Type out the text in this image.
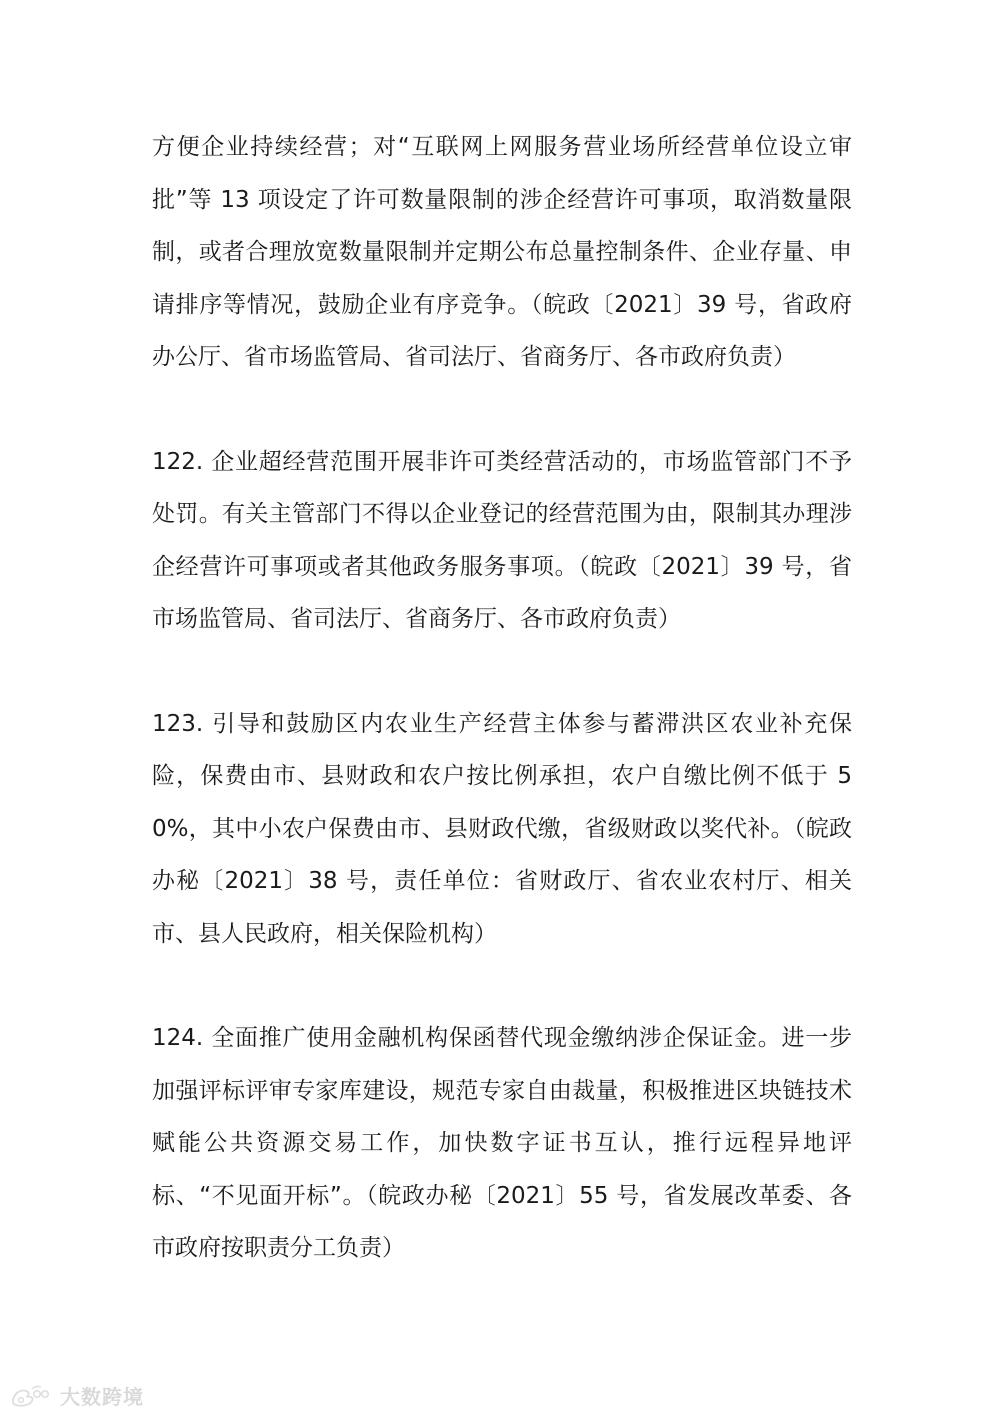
方便企业持续经营；对“互联网上网服务营业场所经营单位设立审批”等 13 项设定了许可数量限制的涉企经营许可事项，取消数量限制，或者合理放宽数量限制并定期公布总量控制条件、企业存量、申请排序等情况，鼓励企业有序竞争。（皖政〔2021〕39 号，省政府办公厅、省市场监管局、省司法厅、省商务厅、各市政府负责）

122. 企业超经营范围开展非许可类经营活动的，市场监管部门不予处罚。有关主管部门不得以企业登记的经营范围为由，限制其办理涉企经营许可事项或者其他政务服务事项。（皖政〔2021〕39 号，省市场监管局、省司法厅、省商务厅、各市政府负责）

123. 引导和鼓励区内农业生产经营主体参与蓄滞洪区农业补充保险，保费由市、县财政和农户按比例承担，农户自缴比例不低于 50%，其中小农户保费由市、县财政代缴，省级财政以奖代补。（皖政办秘〔2021〕38 号，责任单位：省财政厅、省农业农村厅、相关市、县人民政府，相关保险机构）

124. 全面推广使用金融机构保函替代现金缴纳涉企保证金。进一步加强评标评审专家库建设，规范专家自由裁量，积极推进区块链技术赋能公共资源交易工作，加快数字证书互认，推行远程异地评标、“不见面开标”。（皖政办秘〔2021〕55 号，省发展改革委、各市政府按职责分工负责）

大数跨境
